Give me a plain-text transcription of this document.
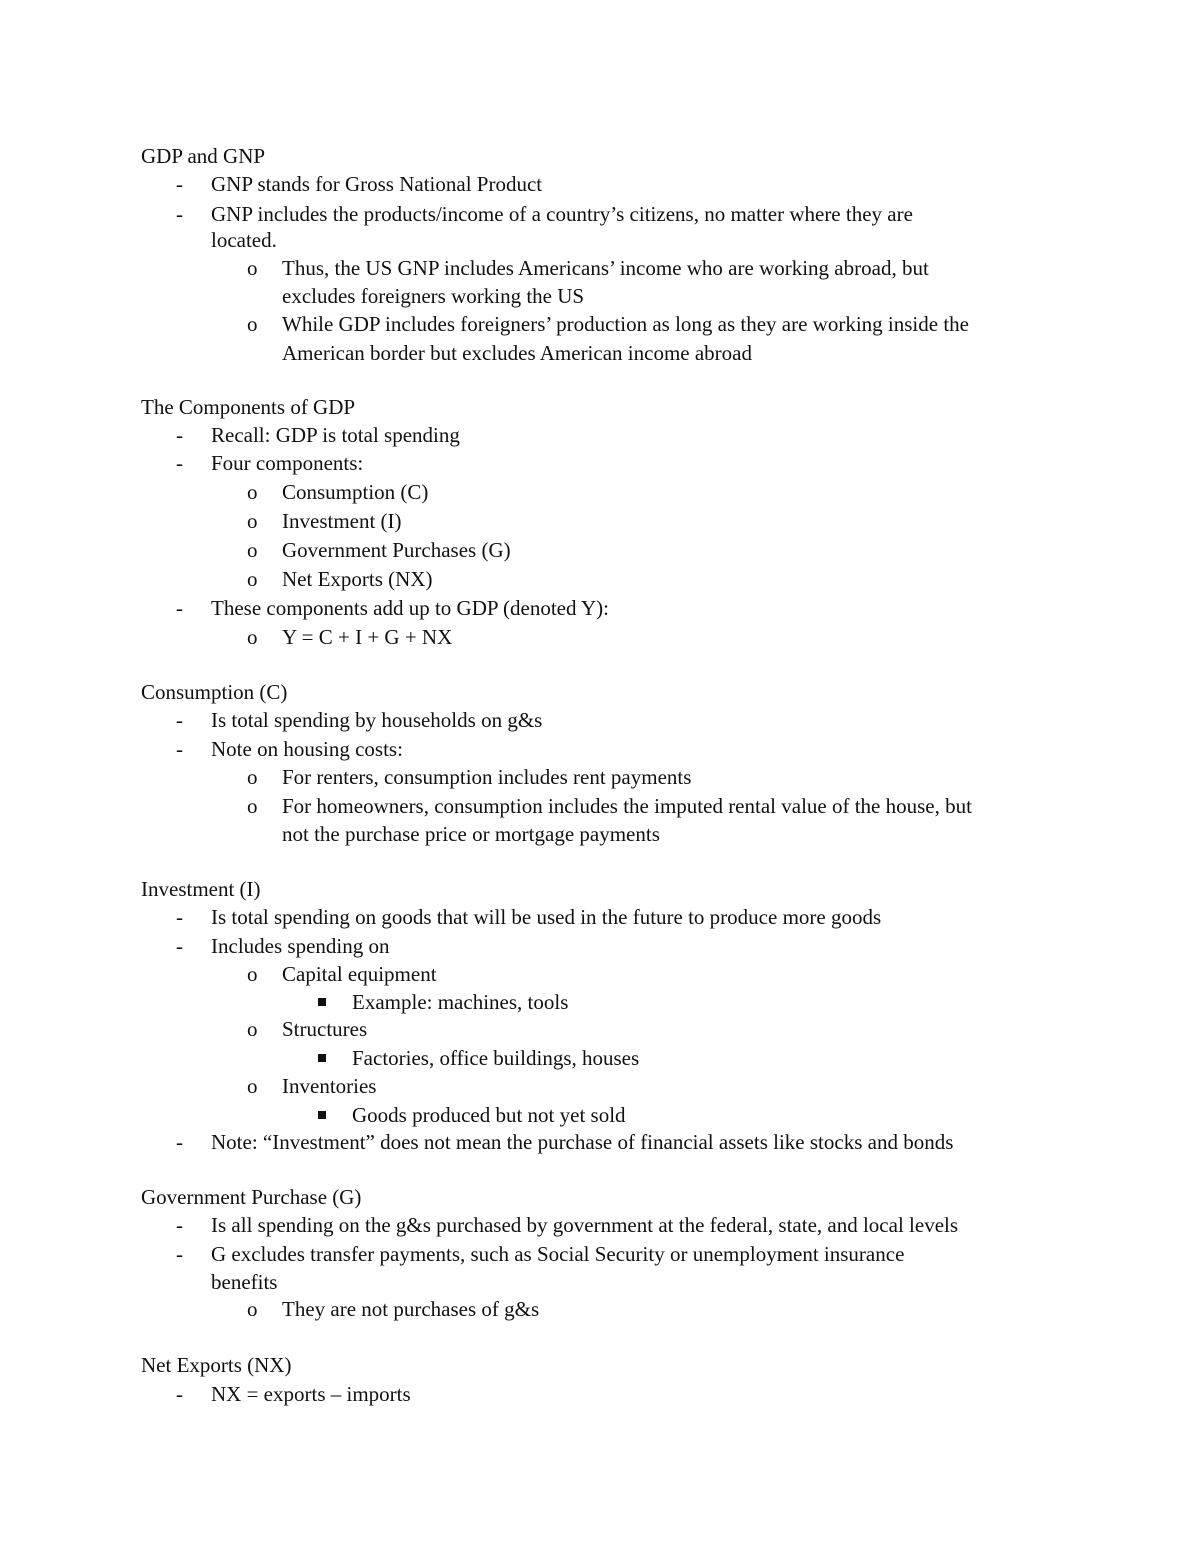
GDP and GNP
- GNP stands for Gross National Product
- GNP includes the products/income of a country’s citizens, no matter where they are
located.
o Thus, the US GNP includes Americans’ income who are working abroad, but
excludes foreigners working the US
o While GDP includes foreigners’ production as long as they are working inside the
American border but excludes American income abroad
The Components of GDP
- Recall: GDP is total spending
- Four components:
o Consumption (C)
o Investment (I)
o Government Purchases (G)
o Net Exports (NX)
- These components add up to GDP (denoted Y):
o Y = C + I + G + NX
Consumption (C)
- Is total spending by households on g&s
- Note on housing costs:
o For renters, consumption includes rent payments
o For homeowners, consumption includes the imputed rental value of the house, but
not the purchase price or mortgage payments
Investment (I)
- Is total spending on goods that will be used in the future to produce more goods
- Includes spending on
o Capital equipment
Example: machines, tools
o Structures
Factories, office buildings, houses
o Inventories
Goods produced but not yet sold
- Note: “Investment” does not mean the purchase of financial assets like stocks and bonds
Government Purchase (G)
- Is all spending on the g&s purchased by government at the federal, state, and local levels
- G excludes transfer payments, such as Social Security or unemployment insurance
benefits
o They are not purchases of g&s
Net Exports (NX)
- NX = exports – imports
